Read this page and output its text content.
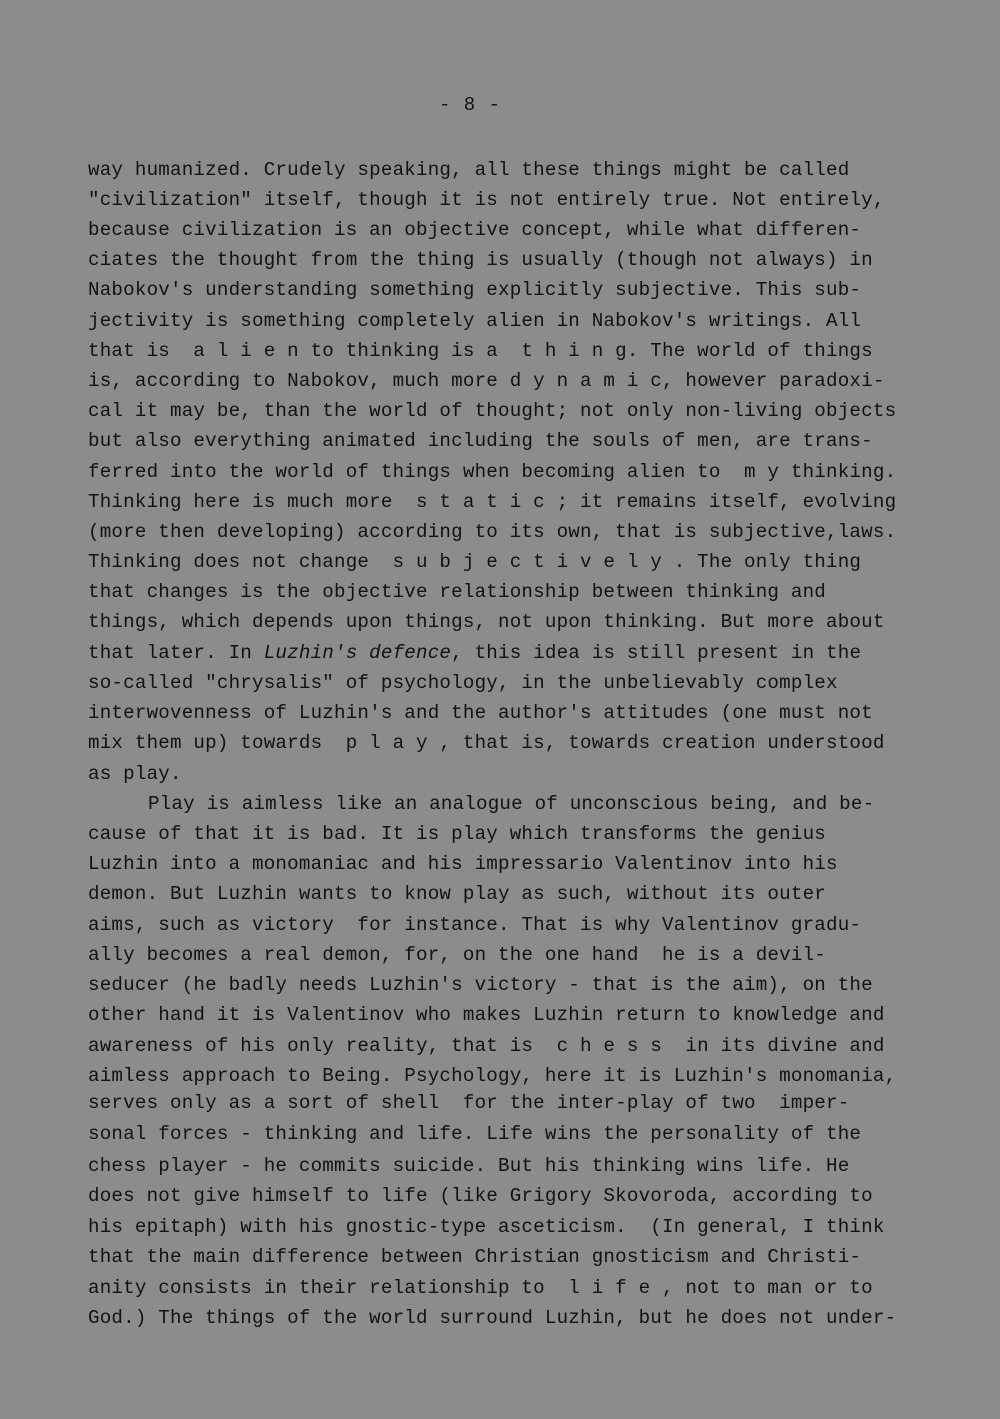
- 8 -
way humanized. Crudely speaking, all these things might be called
"civilization" itself, though it is not entirely true. Not entirely,
because civilization is an objective concept, while what differen-
ciates the thought from the thing is usually (though not always) in
Nabokov's understanding something explicitly subjective. This sub-
jectivity is something completely alien in Nabokov's writings. All
that is  a l i e n to thinking is a  t h i n g. The world of things
is, according to Nabokov, much more d y n a m i c, however paradoxi-
cal it may be, than the world of thought; not only non-living objects
but also everything animated including the souls of men, are trans-
ferred into the world of things when becoming alien to  m y thinking.
Thinking here is much more  s t a t i c ; it remains itself, evolving
(more then developing) according to its own, that is subjective,laws.
Thinking does not change  s u b j e c t i v e l y . The only thing
that changes is the objective relationship between thinking and
things, which depends upon things, not upon thinking. But more about
that later. In Luzhin's defence, this idea is still present in the
so-called "chrysalis" of psychology, in the unbelievably complex
interwovenness of Luzhin's and the author's attitudes (one must not
mix them up) towards  p l a y , that is, towards creation understood
as play.
Play is aimless like an analogue of unconscious being, and be-
cause of that it is bad. It is play which transforms the genius
Luzhin into a monomaniac and his impressario Valentinov into his
demon. But Luzhin wants to know play as such, without its outer
aims, such as victory  for instance. That is why Valentinov gradu-
ally becomes a real demon, for, on the one hand  he is a devil-
seducer (he badly needs Luzhin's victory - that is the aim), on the
other hand it is Valentinov who makes Luzhin return to knowledge and
awareness of his only reality, that is  c h e s s  in its divine and
aimless approach to Being. Psychology, here it is Luzhin's monomania,
serves only as a sort of shell  for the inter-play of two  imper-
sonal forces - thinking and life. Life wins the personality of the
chess player - he commits suicide. But his thinking wins life. He
does not give himself to life (like Grigory Skovoroda, according to
his epitaph) with his gnostic-type asceticism.  (In general, I think
that the main difference between Christian gnosticism and Christi-
anity consists in their relationship to  l i f e , not to man or to
God.) The things of the world surround Luzhin, but he does not under-
